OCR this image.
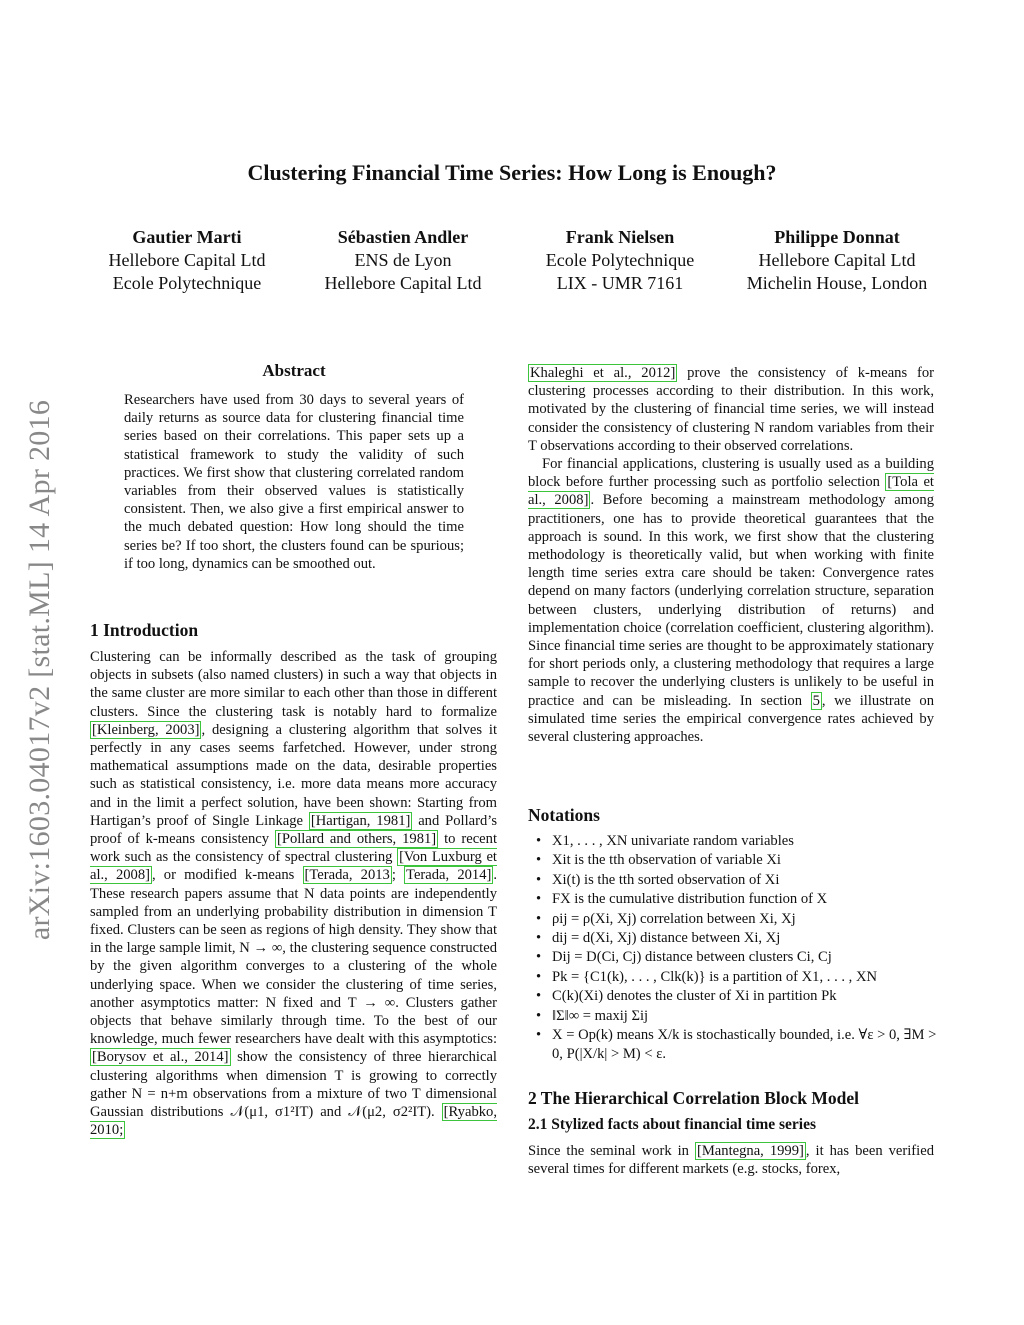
arXiv:1603.04017v2 [stat.ML] 14 Apr 2016
Clustering Financial Time Series: How Long is Enough?
Gautier Marti
Hellebore Capital Ltd
Ecole Polytechnique
Sébastien Andler
ENS de Lyon
Hellebore Capital Ltd
Frank Nielsen
Ecole Polytechnique
LIX - UMR 7161
Philippe Donnat
Hellebore Capital Ltd
Michelin House, London
Abstract
Researchers have used from 30 days to several years of daily returns as source data for clustering financial time series based on their correlations. This paper sets up a statistical framework to study the validity of such practices. We first show that clustering correlated random variables from their observed values is statistically consistent. Then, we also give a first empirical answer to the much debated question: How long should the time series be? If too short, the clusters found can be spurious; if too long, dynamics can be smoothed out.
1 Introduction

Clustering can be informally described as the task of grouping objects in subsets (also named clusters) in such a way that objects in the same cluster are more similar to each other than those in different clusters. Since the clustering task is notably hard to formalize [Kleinberg, 2003] , designing a clustering algorithm that solves it perfectly in any cases seems farfetched. However, under strong mathematical assumptions made on the data, desirable properties such as statistical consistency, i.e. more data means more accuracy and in the limit a perfect solution, have been shown: Starting from Hartigan’s proof of Single Linkage [Hartigan, 1981] and Pollard’s proof of k-means consistency [Pollard and others, 1981] to recent work such as the consistency of spectral clustering [Von Luxburg et al., 2008] , or modified k-means [Terada, 2013 ; Terada, 2014] . These research papers assume that N data points are independently sampled from an underlying probability distribution in dimension T fixed. Clusters can be seen as regions of high density. They show that in the large sample limit, N → ∞, the clustering sequence constructed by the given algorithm converges to a clustering of the whole underlying space. When we consider the clustering of time series, another asymptotics matter: N fixed and T → ∞. Clusters gather objects that behave similarly through time. To the best of our knowledge, much fewer researchers have dealt with this asymptotics: [Borysov et al., 2014] show the consistency of three hierarchical clustering algorithms when dimension T is growing to correctly gather N = n+m observations from a mixture of two T dimensional Gaussian distributions 𝒩(μ1, σ1²IT) and 𝒩(μ2, σ2²IT). [Ryabko, 2010;

Khaleghi et al., 2012] prove the consistency of k-means for clustering processes according to their distribution. In this work, motivated by the clustering of financial time series, we will instead consider the consistency of clustering N random variables from their T observations according to their observed correlations.

For financial applications, clustering is usually used as a building block before further processing such as portfolio selection [Tola et al., 2008] . Before becoming a mainstream methodology among practitioners, one has to provide theoretical guarantees that the approach is sound. In this work, we first show that the clustering methodology is theoretically valid, but when working with finite length time series extra care should be taken: Convergence rates depend on many factors (underlying correlation structure, separation between clusters, underlying distribution of returns) and implementation choice (correlation coefficient, clustering algorithm). Since financial time series are thought to be approximately stationary for short periods only, a clustering methodology that requires a large sample to recover the underlying clusters is unlikely to be useful in practice and can be misleading. In section 5 , we illustrate on simulated time series the empirical convergence rates achieved by several clustering approaches.

Notations
• X1, . . . , XN univariate random variables
• Xit is the tth observation of variable Xi
• Xi(t) is the tth sorted observation of Xi
• FX is the cumulative distribution function of X
• ρij = ρ(Xi, Xj) correlation between Xi, Xj
• dij = d(Xi, Xj) distance between Xi, Xj
• Dij = D(Ci, Cj) distance between clusters Ci, Cj
• Pk = {C1(k), . . . , Clk(k)} is a partition of X1, . . . , XN
• C(k)(Xi) denotes the cluster of Xi in partition Pk
• ‖Σ‖∞ = maxij Σij
• X = Op(k) means X/k is stochastically bounded, i.e. ∀ε > 0, ∃M > 0, P(|X/k| > M) < ε.
2 The Hierarchical Correlation Block Model
2.1 Stylized facts about financial time series

Since the seminal work in [Mantegna, 1999] , it has been verified several times for different markets (e.g. stocks, forex,
